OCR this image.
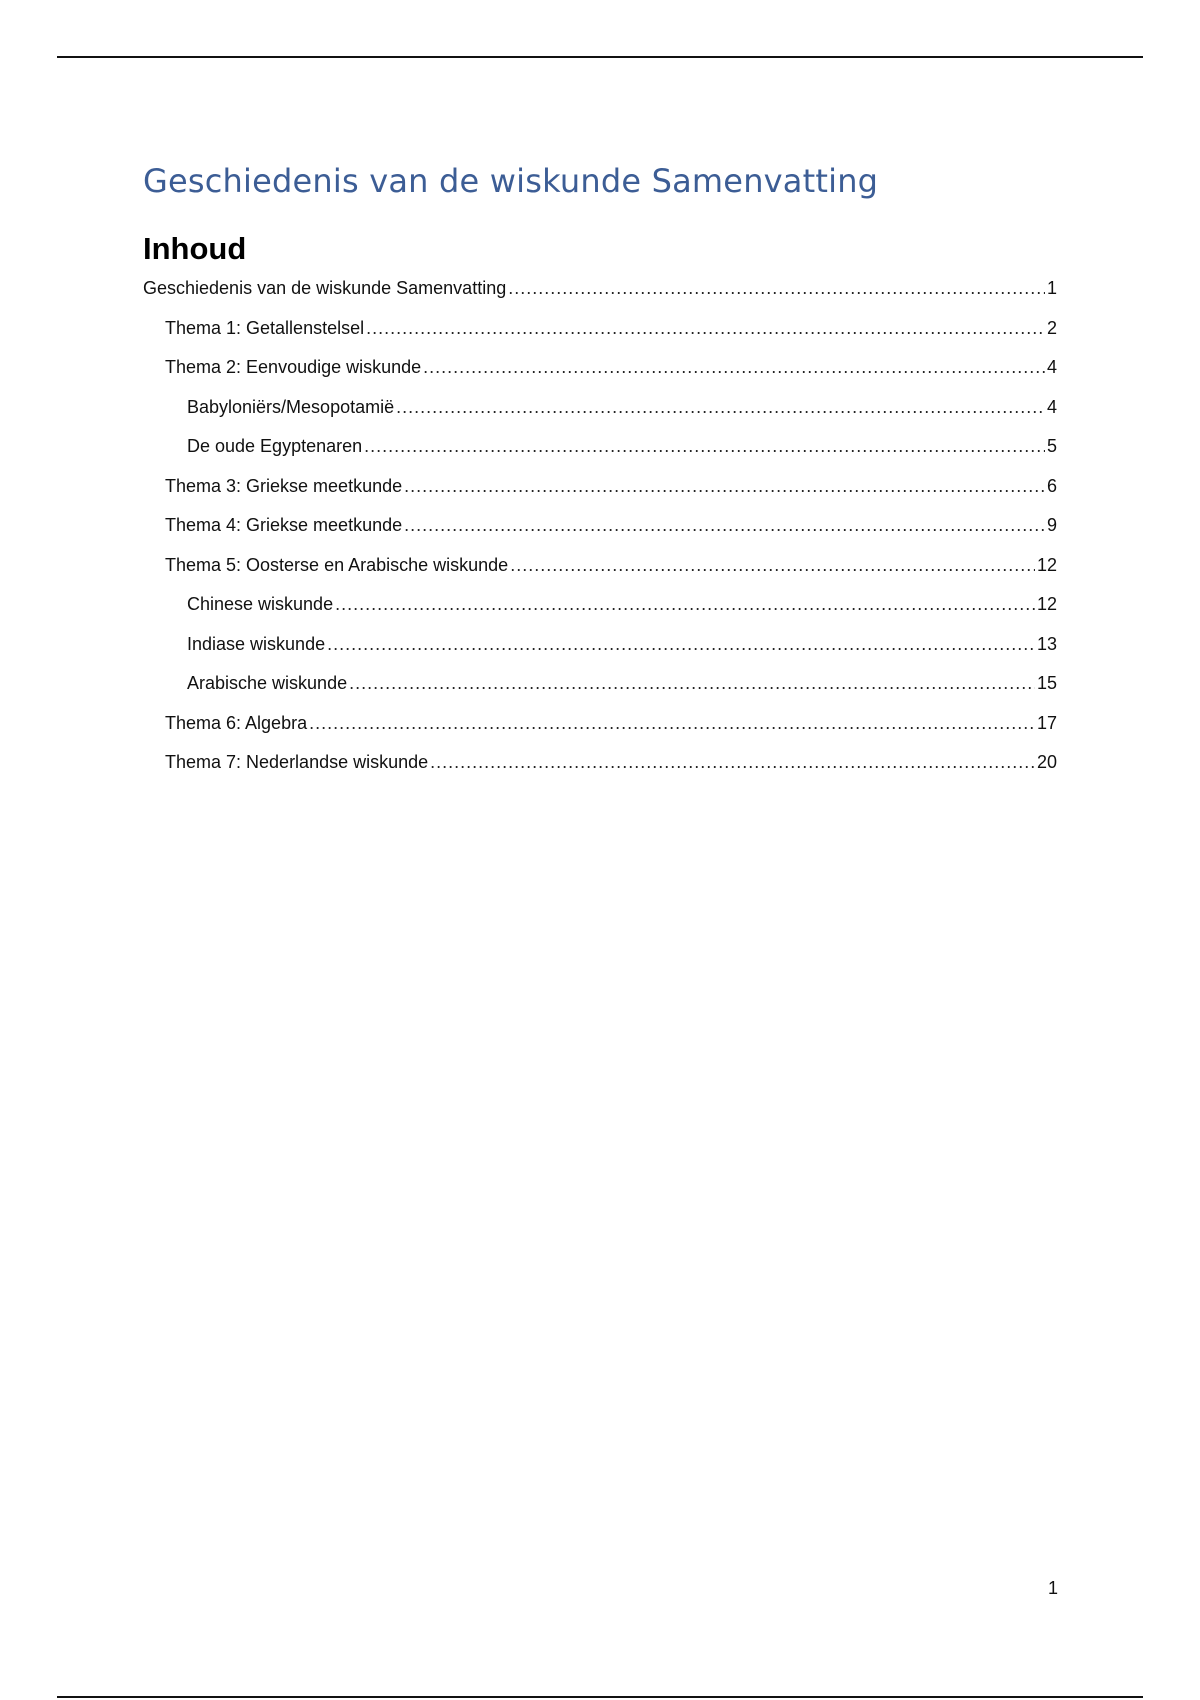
Geschiedenis van de wiskunde Samenvatting
Inhoud
Geschiedenis van de wiskunde Samenvatting .....	1
Thema 1: Getallenstelsel .....	2
Thema 2: Eenvoudige wiskunde .....	4
Babyloniërs/Mesopotamië .....	4
De oude Egyptenaren .....	5
Thema 3: Griekse meetkunde .....	6
Thema 4: Griekse meetkunde .....	9
Thema 5: Oosterse en Arabische wiskunde .....	12
Chinese wiskunde .....	12
Indiase wiskunde .....	13
Arabische wiskunde .....	15
Thema 6: Algebra .....	17
Thema 7: Nederlandse wiskunde .....	20
1
